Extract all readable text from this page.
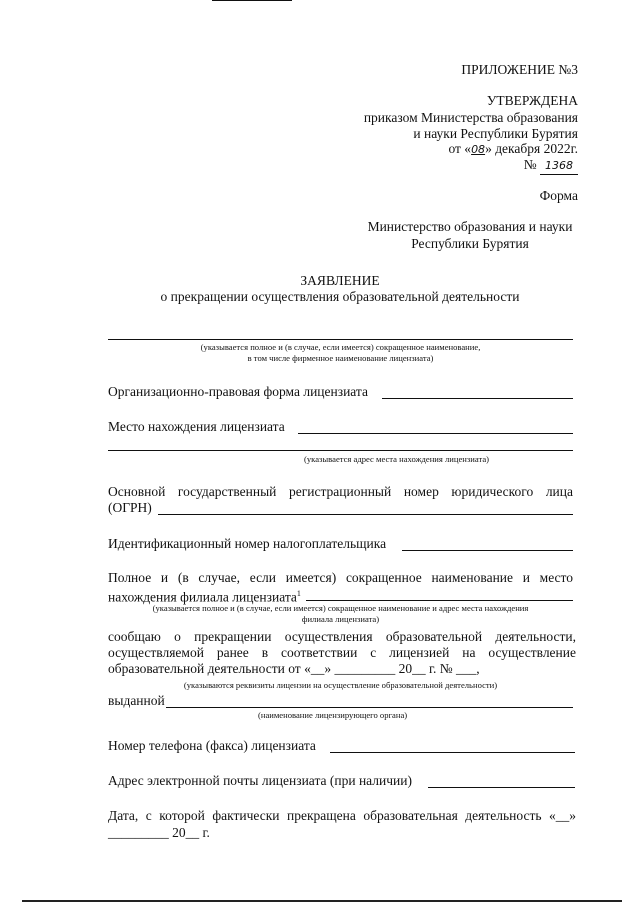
ПРИЛОЖЕНИЕ №3
УТВЕРЖДЕНА
приказом Министерства образования
и науки Республики Бурятия
от «08» декабря 2022г.
№ 1368
Форма
Министерство образования и науки
Республики Бурятия
ЗАЯВЛЕНИЕ
о прекращении осуществления образовательной деятельности
(указывается полное и (в случае, если имеется) сокращенное наименование,
в том числе фирменное наименование лицензиата)
Организационно-правовая форма лицензиата
Место нахождения лицензиата
(указывается адрес места нахождения лицензиата)
Основной государственный регистрационный номер юридического лица
(ОГРН)
Идентификационный номер налогоплательщика
Полное и (в случае, если имеется) сокращенное наименование и место
нахождения филиала лицензиата$^1$
(указывается полное и (в случае, если имеется) сокращенное наименование и адрес места нахождения
филиала лицензиата)
сообщаю о прекращении осуществления образовательной деятельности,
осуществляемой ранее в соответствии с лицензией на осуществление
образовательной деятельности от «__» _________ 20__ г. № ___,
(указываются реквизиты лицензии на осуществление образовательной деятельности)
выданной
(наименование лицензирующего органа)
Номер телефона (факса) лицензиата
Адрес электронной почты лицензиата (при наличии)
Дата, с которой фактически прекращена образовательная деятельность «__»
_________ 20__ г.
